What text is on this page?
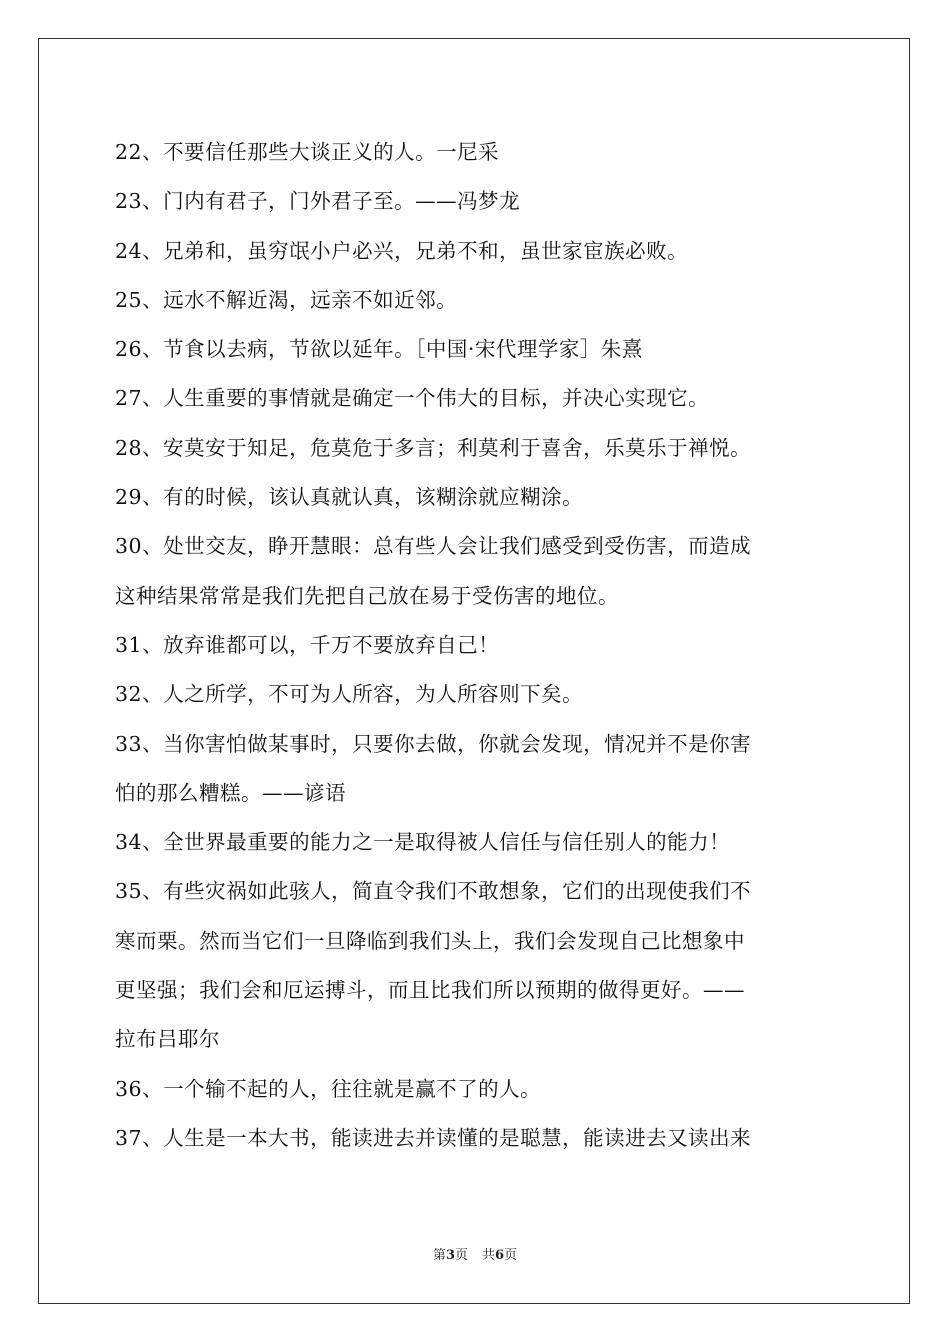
22、不要信任那些大谈正义的人。一尼采
23、门内有君子，门外君子至。——冯梦龙
24、兄弟和，虽穷氓小户必兴，兄弟不和，虽世家宦族必败。
25、远水不解近渴，远亲不如近邻。
26、节食以去病，节欲以延年。［中国·宋代理学家］朱熹
27、人生重要的事情就是确定一个伟大的目标，并决心实现它。
28、安莫安于知足，危莫危于多言；利莫利于喜舍，乐莫乐于禅悦。
29、有的时候，该认真就认真，该糊涂就应糊涂。
30、处世交友，睁开慧眼：总有些人会让我们感受到受伤害，而造成
这种结果常常是我们先把自己放在易于受伤害的地位。
31、放弃谁都可以，千万不要放弃自己！
32、人之所学，不可为人所容，为人所容则下矣。
33、当你害怕做某事时，只要你去做，你就会发现，情况并不是你害
怕的那么糟糕。——谚语
34、全世界最重要的能力之一是取得被人信任与信任别人的能力！
35、有些灾祸如此骇人，简直令我们不敢想象，它们的出现使我们不
寒而栗。然而当它们一旦降临到我们头上，我们会发现自己比想象中
更坚强；我们会和厄运搏斗，而且比我们所以预期的做得更好。——
拉布吕耶尔
36、一个输不起的人，往往就是赢不了的人。
37、人生是一本大书，能读进去并读懂的是聪慧，能读进去又读出来
第3页 共6页
